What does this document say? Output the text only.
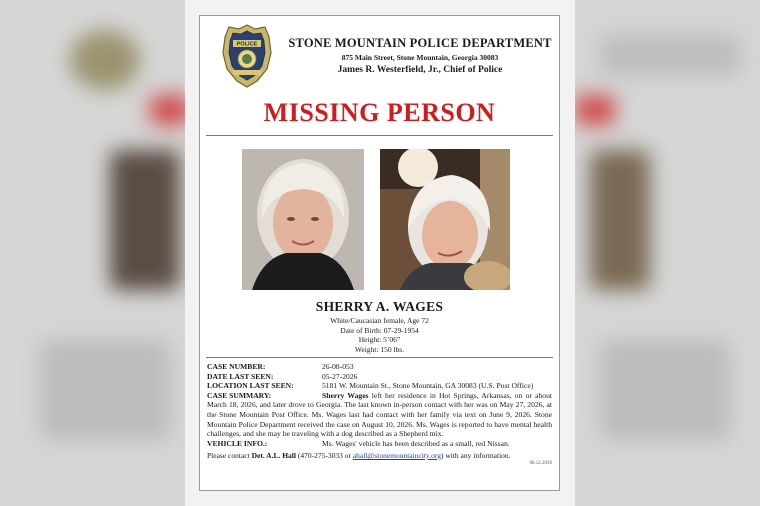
POLICE	STONE MOUNTAIN POLICE DEPARTMENT
875 Main Street, Stone Mountain, Georgia 30083
James R. Westerfield, Jr., Chief of Police
MISSING PERSON
SHERRY A. WAGES
White/Caucasian female, Age 72
Date of Birth: 07-29-1954
Height: 5’06”
Weight: 150 lbs.
CASE NUMBER:	26-08-053
DATE LAST SEEN:	05-27-2026
LOCATION LAST SEEN:	5181 W. Mountain St., Stone Mountain, GA 30083 (U.S. Post Office)
CASE SUMMARY:	Sherry Wages left her residence in Hot Springs, Arkansas, on or about March 18, 2026, and later drove to Georgia. The last known in-person contact with her was on May 27, 2026, at the Stone Mountain Post Office. Ms. Wages last had contact with her family via text on June 9, 2026. Stone Mountain Police Department received the case on August 10, 2026. Ms. Wages is reported to have mental health challenges, and she may be traveling with a dog described as a Shepherd mix.
VEHICLE INFO.:	Ms. Wages' vehicle has been described as a small, red Nissan.
Please contact Det. A.L. Hall (470-275-3033 or ahall@stonemountaincity.org) with any information.
08.12.2026
